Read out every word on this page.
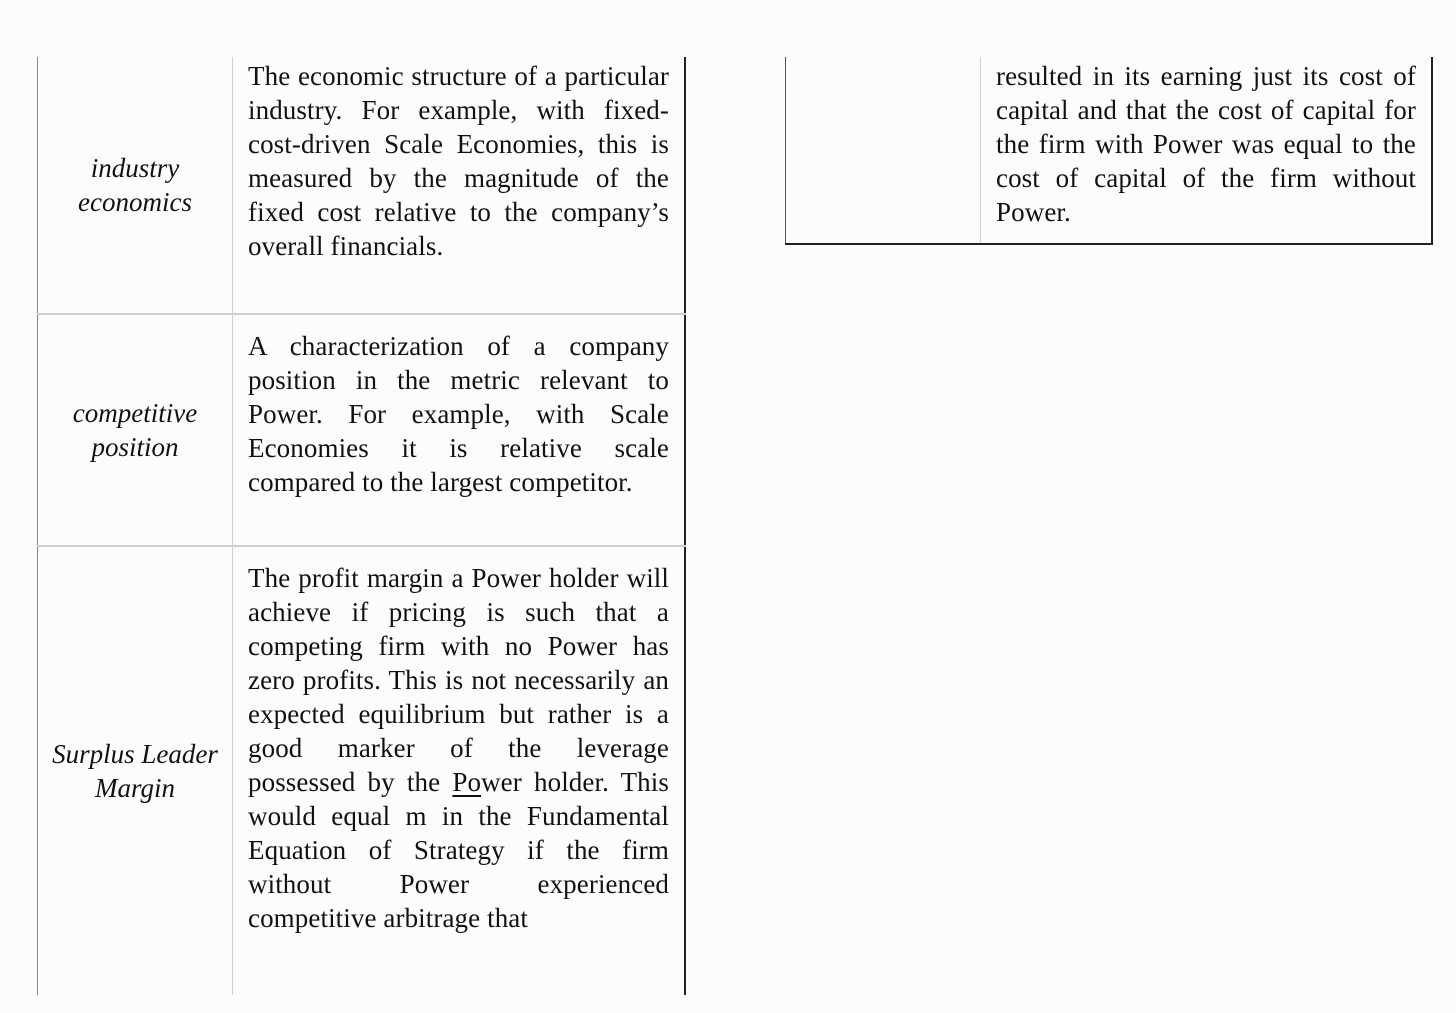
industry economics	The economic structure of a particular industry. For example, with fixed-cost-driven Scale Economies, this is measured by the magnitude of the fixed cost relative to the company’s overall financials.
competitive position	A characterization of a company position in the metric relevant to Power. For example, with Scale Economies it is relative scale compared to the largest competitor.
Surplus Leader Margin	The profit margin a Power holder will achieve if pricing is such that a competing firm with no Power has zero profits. This is not necessarily an expected equilibrium but rather is a good marker of the leverage possessed by the Power holder. This would equal m in the Fundamental Equation of Strategy if the firm without Power experienced competitive arbitrage that
	resulted in its earning just its cost of capital and that the cost of capital for the firm with Power was equal to the cost of capital of the firm without Power.
